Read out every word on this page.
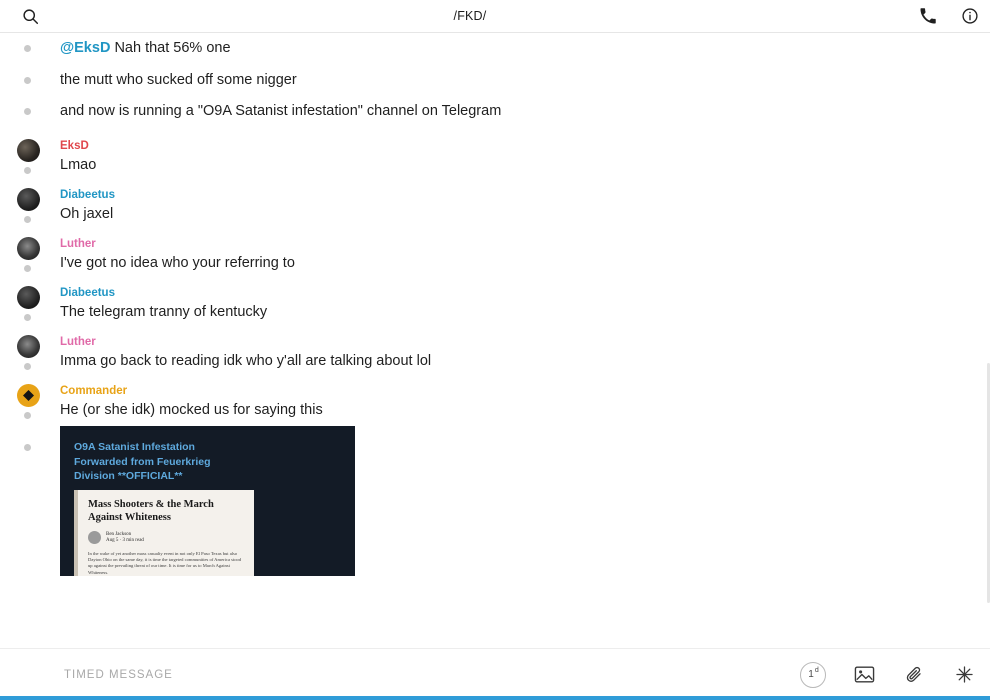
/FKD/
@EksD Nah that 56% one
the mutt who sucked off some nigger
and now is running a "O9A Satanist infestation" channel on Telegram
EksD
Lmao
Diabeetus
Oh jaxel
Luther
I've got no idea who your referring to
Diabeetus
The telegram tranny of kentucky
Luther
Imma go back to reading idk who y'all are talking about lol
Commander
He (or she idk) mocked us for saying this
O9A Satanist Infestation Forwarded from Feuerkrieg Division **OFFICIAL**
Mass Shooters & the March Against Whiteness
Ben Jackson
Aug 5 · 3 min read
In the wake of yet another mass casualty event in not only El Paso Texas but also Dayton Ohio on the same day, it is time the targeted communities of America stood up against the prevailing threat of our time. It is time for us to March Against Whiteness.
TIMED MESSAGE
1$^d$
